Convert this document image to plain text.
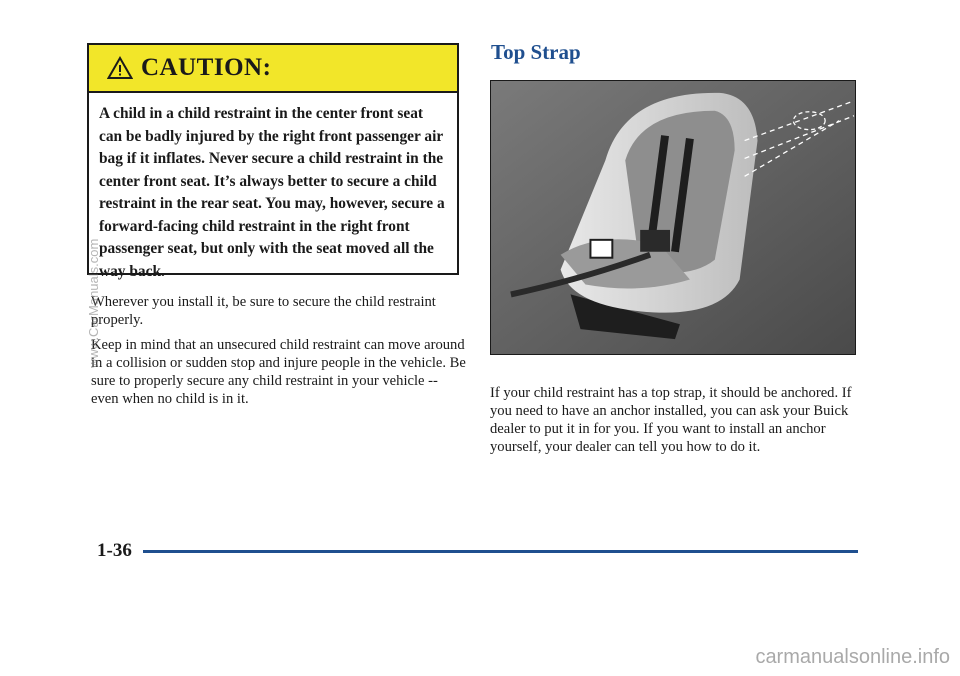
CAUTION:
A child in a child restraint in the center front seat can be badly injured by the right front passenger air bag if it inflates. Never secure a child restraint in the center front seat. It’s always better to secure a child restraint in the rear seat. You may, however, secure a forward-facing child restraint in the right front passenger seat, but only with the seat moved all the way back.
Wherever you install it, be sure to secure the child restraint properly.
Keep in mind that an unsecured child restraint can move around in a collision or sudden stop and injure people in the vehicle. Be sure to properly secure any child restraint in your vehicle -- even when no child is in it.
Top Strap
If your child restraint has a top strap, it should be anchored. If you need to have an anchor installed, you can ask your Buick dealer to put it in for you. If you want to install an anchor yourself, your dealer can tell you how to do it.
1-36
www.CarManuals.com
carmanualsonline.info
